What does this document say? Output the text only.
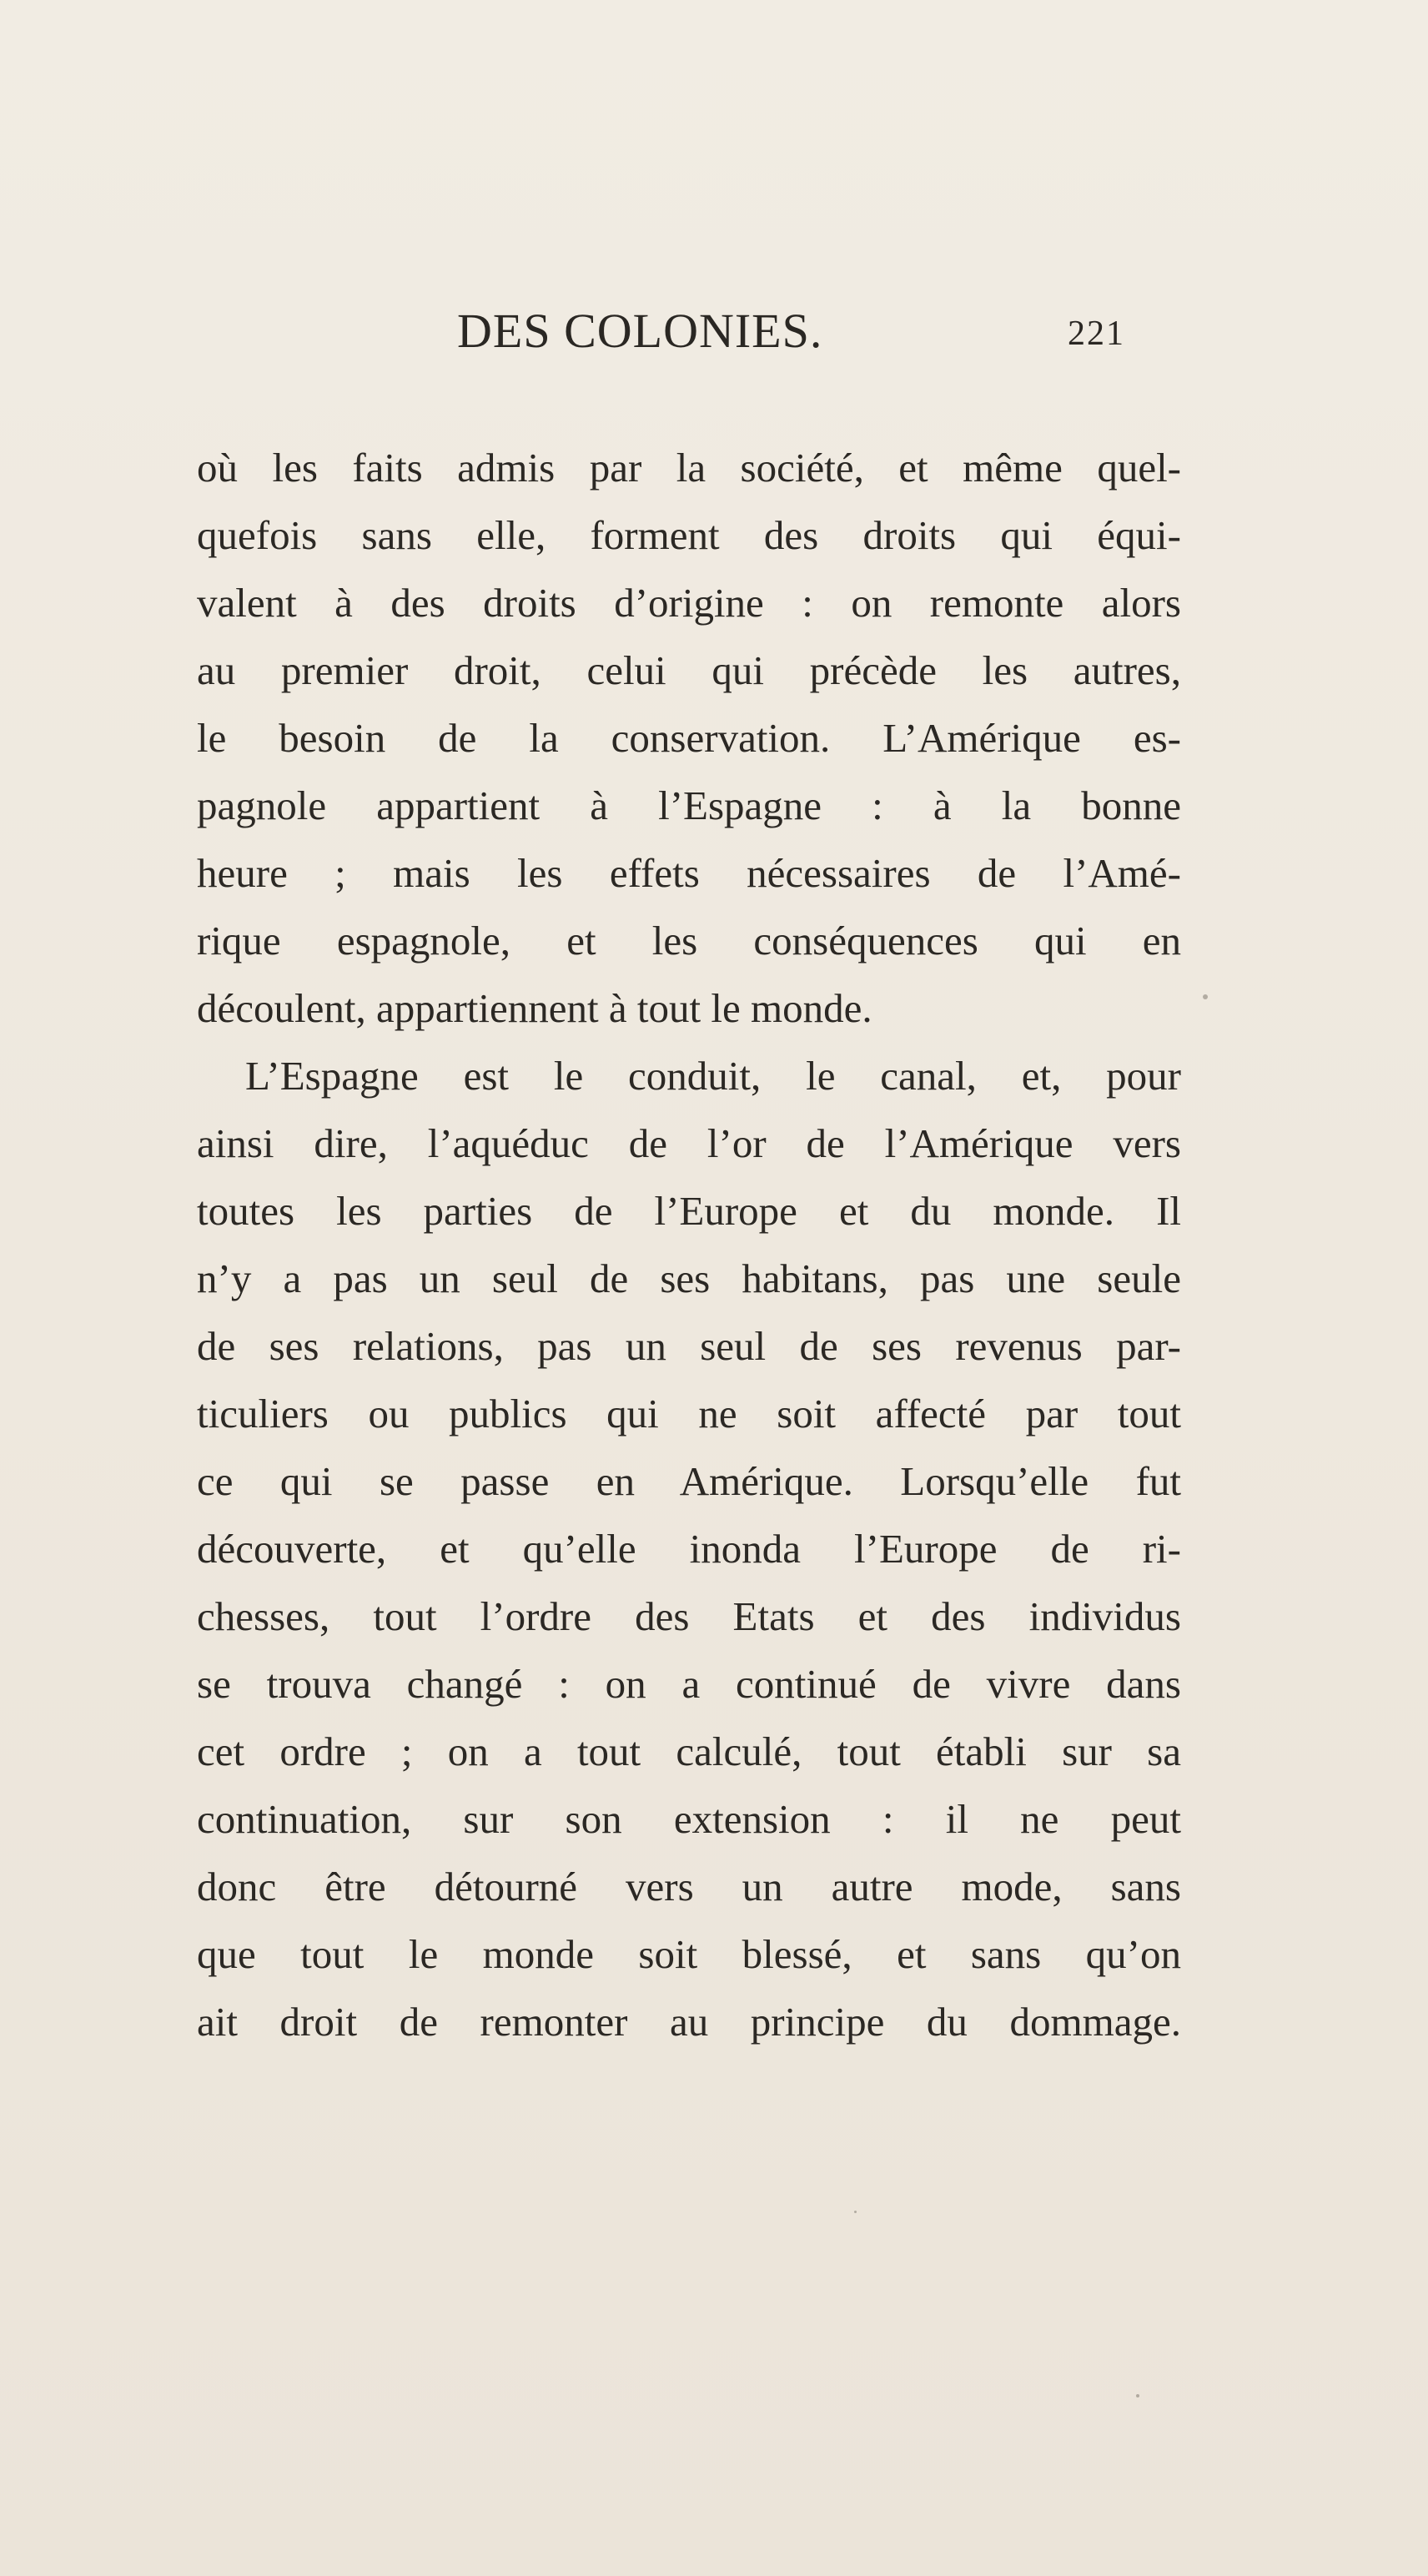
DES COLONIES.	221
où les faits admis par la société, et même quel-
quefois sans elle, forment des droits qui équi-
valent à des droits d’origine : on remonte alors
au premier droit, celui qui précède les autres,
le besoin de la conservation. L’Amérique es-
pagnole appartient à l’Espagne : à la bonne
heure ; mais les effets nécessaires de l’Amé-
rique espagnole, et les conséquences qui en
découlent, appartiennent à tout le monde.
L’Espagne est le conduit, le canal, et, pour
ainsi dire, l’aquéduc de l’or de l’Amérique vers
toutes les parties de l’Europe et du monde. Il
n’y a pas un seul de ses habitans, pas une seule
de ses relations, pas un seul de ses revenus par-
ticuliers ou publics qui ne soit affecté par tout
ce qui se passe en Amérique. Lorsqu’elle fut
découverte, et qu’elle inonda l’Europe de ri-
chesses, tout l’ordre des Etats et des individus
se trouva changé : on a continué de vivre dans
cet ordre ; on a tout calculé, tout établi sur sa
continuation, sur son extension : il ne peut
donc être détourné vers un autre mode, sans
que tout le monde soit blessé, et sans qu’on
ait droit de remonter au principe du dommage.
